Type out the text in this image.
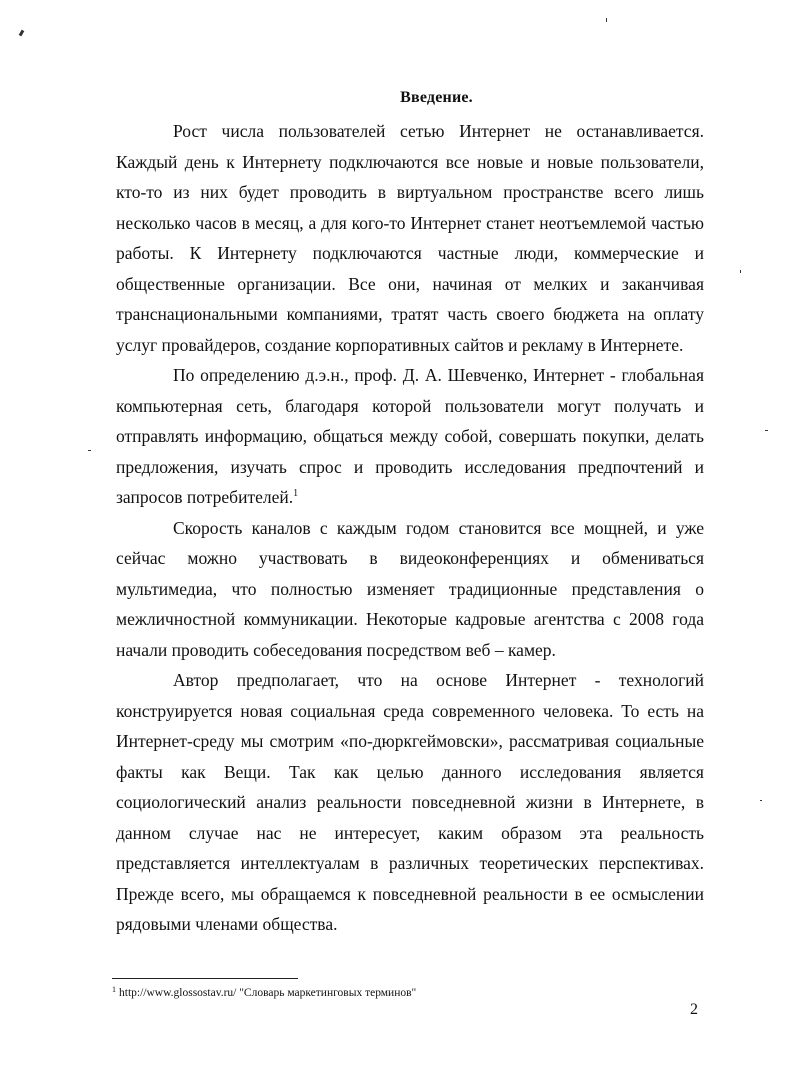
Введение.

Рост числа пользователей сетью Интернет не останавливается. Каждый день к Интернету подключаются все новые и новые пользователи, кто-то из них будет проводить в виртуальном пространстве всего лишь несколько часов в месяц, а для кого-то Интернет станет неотъемлемой частью работы. К Интернету подключаются частные люди, коммерческие и общественные организации. Все они, начиная от мелких и заканчивая транснациональными компаниями, тратят часть своего бюджета на оплату услуг провайдеров, создание корпоративных сайтов и рекламу в Интернете.

По определению д.э.н., проф. Д. А. Шевченко, Интернет - глобальная компьютерная сеть, благодаря которой пользователи могут получать и отправлять информацию, общаться между собой, совершать покупки, делать предложения, изучать спрос и проводить исследования предпочтений и запросов потребителей.$^1$

Скорость каналов с каждым годом становится все мощней, и уже сейчас можно участвовать в видеоконференциях и обмениваться мультимедиа, что полностью изменяет традиционные представления о межличностной коммуникации. Некоторые кадровые агентства с 2008 года начали проводить собеседования посредством веб – камер.

Автор предполагает, что на основе Интернет - технологий конструируется новая социальная среда современного человека. То есть на Интернет-среду мы смотрим «по-дюркгеймовски», рассматривая социальные факты как Вещи. Так как целью данного исследования является социологический анализ реальности повседневной жизни в Интернете, в данном случае нас не интересует, каким образом эта реальность представляется интеллектуалам в различных теоретических перспективах. Прежде всего, мы обращаемся к повседневной реальности в ее осмыслении рядовыми членами общества.

$^1$ http://www.glossostav.ru/ "Словарь маркетинговых терминов"
2
